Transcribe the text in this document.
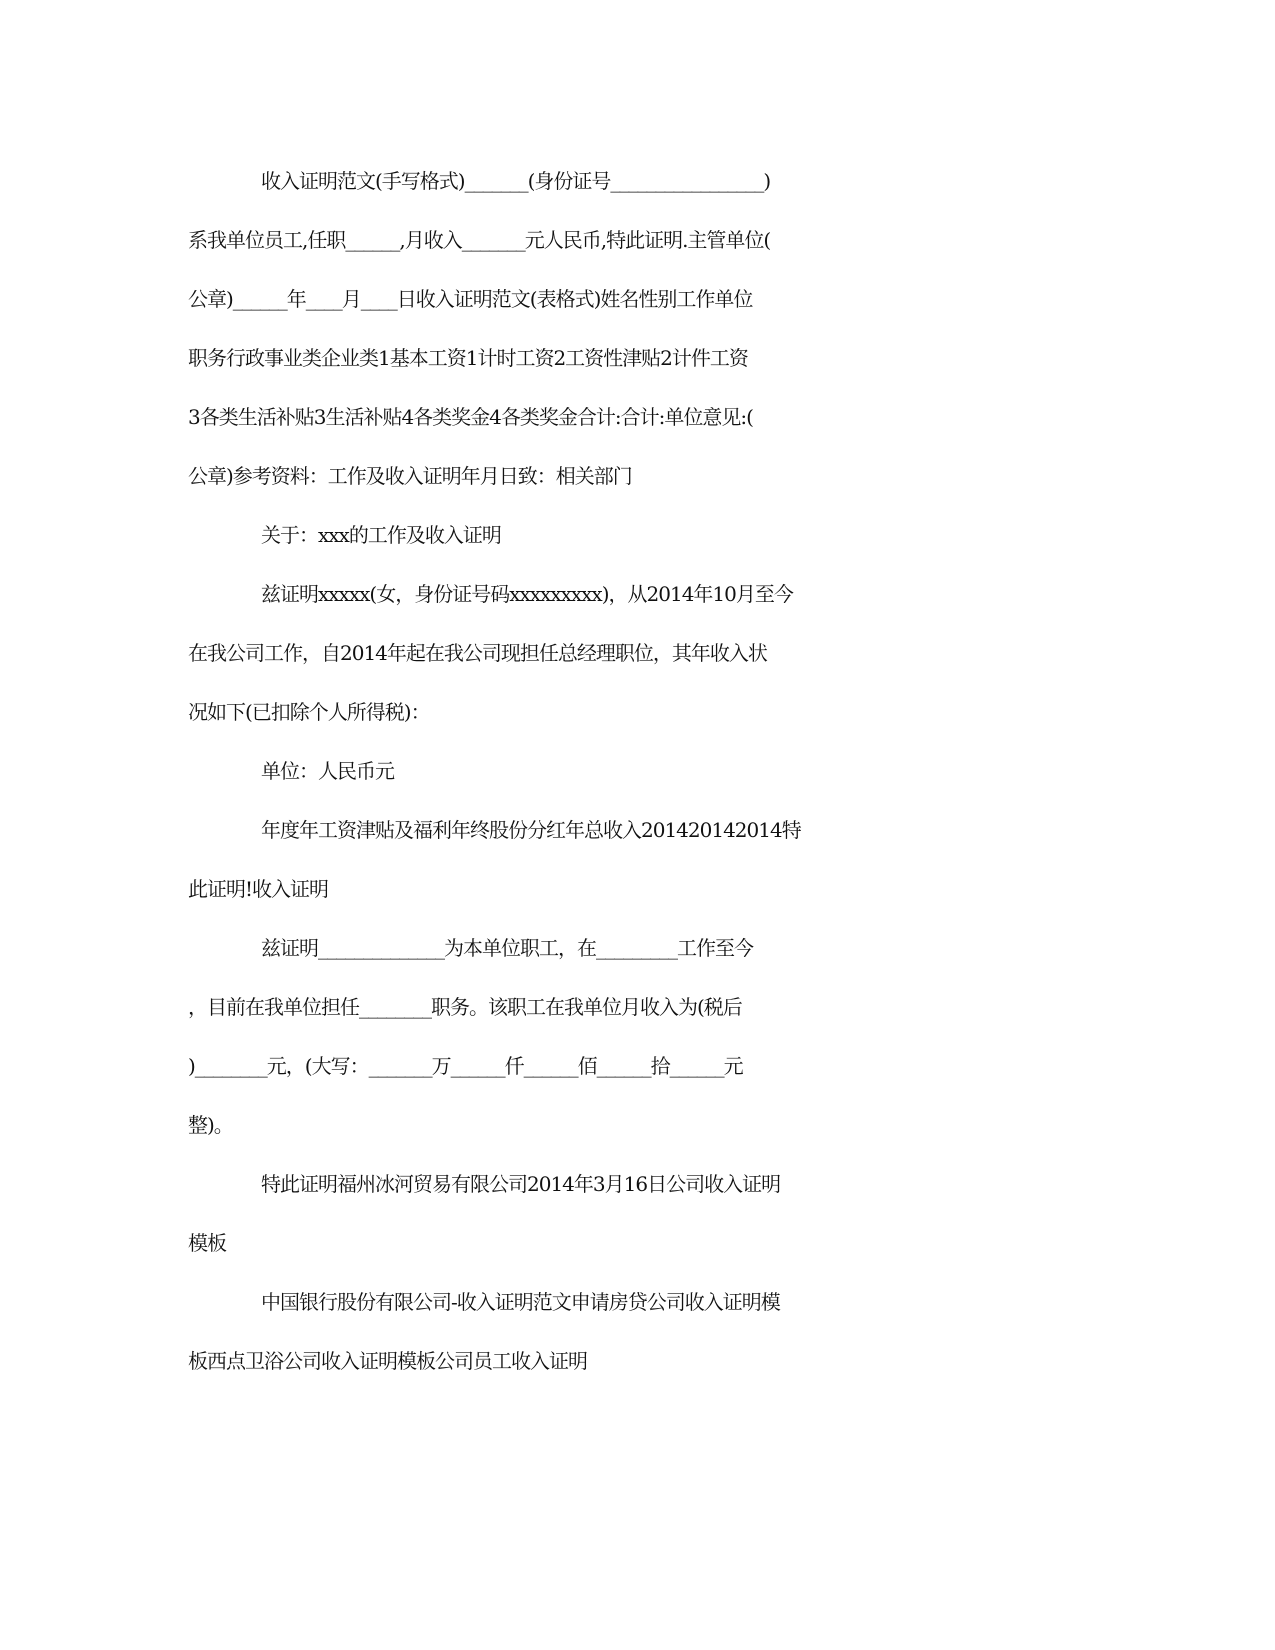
收入证明范文(手写格式)_______(身份证号_________________)
系我单位员工,任职______,月收入_______元人民币,特此证明.主管单位(
公章)______年____月____日收入证明范文(表格式)姓名性别工作单位
职务行政事业类企业类1基本工资1计时工资2工资性津贴2计件工资
3各类生活补贴3生活补贴4各类奖金4各类奖金合计:合计:单位意见:(
公章)参考资料：工作及收入证明年月日致：相关部门
关于：xxx的工作及收入证明
兹证明xxxxx(女，身份证号码xxxxxxxxx)，从2014年10月至今
在我公司工作，自2014年起在我公司现担任总经理职位，其年收入状
况如下(已扣除个人所得税)：
单位：人民币元
年度年工资津贴及福利年终股份分红年总收入201420142014特
此证明!收入证明
兹证明______________为本单位职工，在_________工作至今
，目前在我单位担任________职务。该职工在我单位月收入为(税后
)________元，(大写：_______万______仟______佰______拾______元
整)。
特此证明福州冰河贸易有限公司2014年3月16日公司收入证明
模板
中国银行股份有限公司-收入证明范文申请房贷公司收入证明模
板西点卫浴公司收入证明模板公司员工收入证明
